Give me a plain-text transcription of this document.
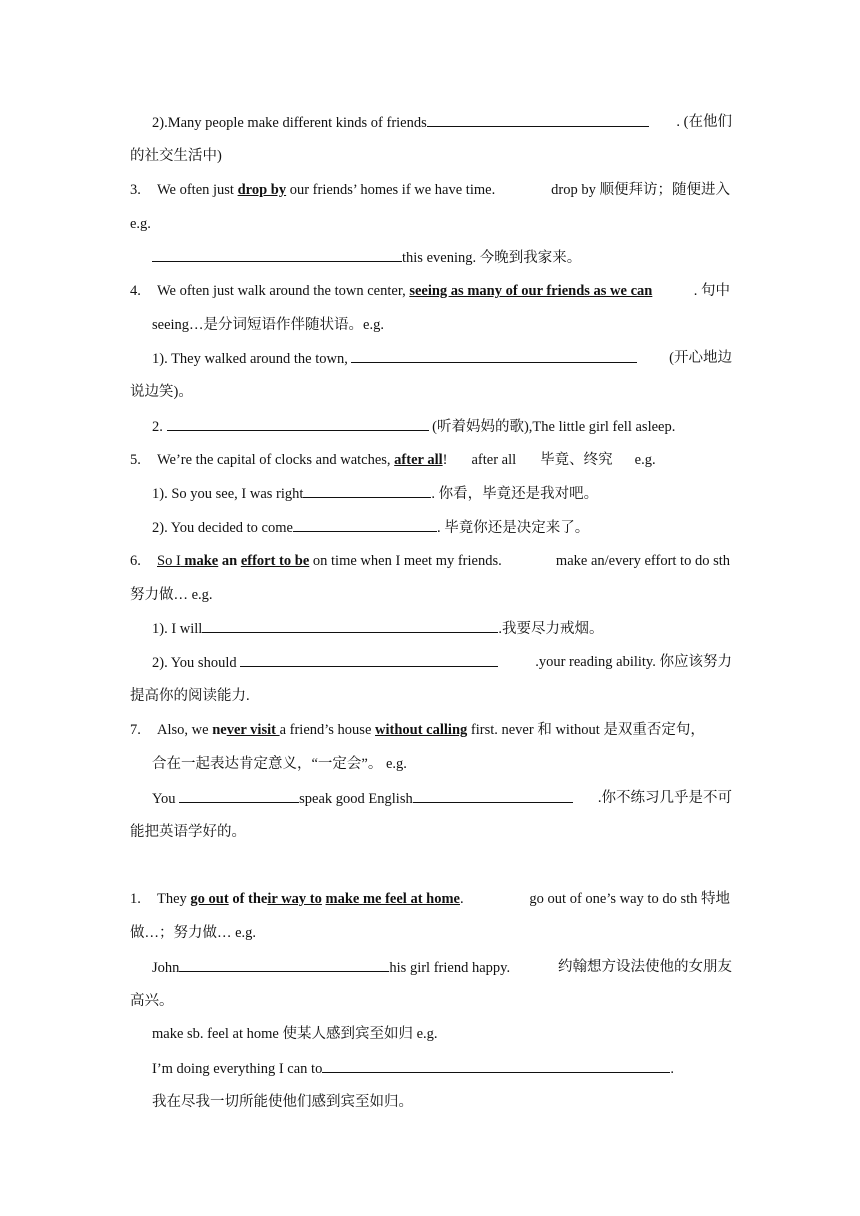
2).Many people make different kinds of friends	. (在他们
的社交生活中)
3. We often just drop by our friends’ homes if we have time.	drop by 顺便拜访；随便进入
e.g.
this evening. 今晚到我家来。
4. We often just walk around the town center, seeing as many of our friends as we can	. 句中
seeing…是分词短语作伴随状语。e.g.
1). They walked around the town,	(开心地边
说边笑)。
2.	(听着妈妈的歌),The little girl fell asleep.
5. We’re the capital of clocks and watches, after all! after all 毕竟、终究 e.g.
1). So you see, I was right	. 你看，毕竟还是我对吧。
2). You decided to come	. 毕竟你还是决定来了。
6. So I make an effort to be on time when I meet my friends.	make an/every effort to do sth
努力做… e.g.
1). I will	.我要尽力戒烟。
2). You should	.your reading ability. 你应该努力
提高你的阅读能力.
7. Also, we never visit a friend’s house without calling first. never 和 without 是双重否定句，
合在一起表达肯定意义，“一定会”。 e.g.
You	speak good English	.你不练习几乎是不可
能把英语学好的。
1. They go out of their way to make me feel at home.	go out of one’s way to do sth 特地
做…；努力做… e.g.
John	his girl friend happy.	约翰想方设法使他的女朋友
高兴。
make sb. feel at home 使某人感到宾至如归 e.g.
I’m doing everything I can to	.
我在尽我一切所能使他们感到宾至如归。
